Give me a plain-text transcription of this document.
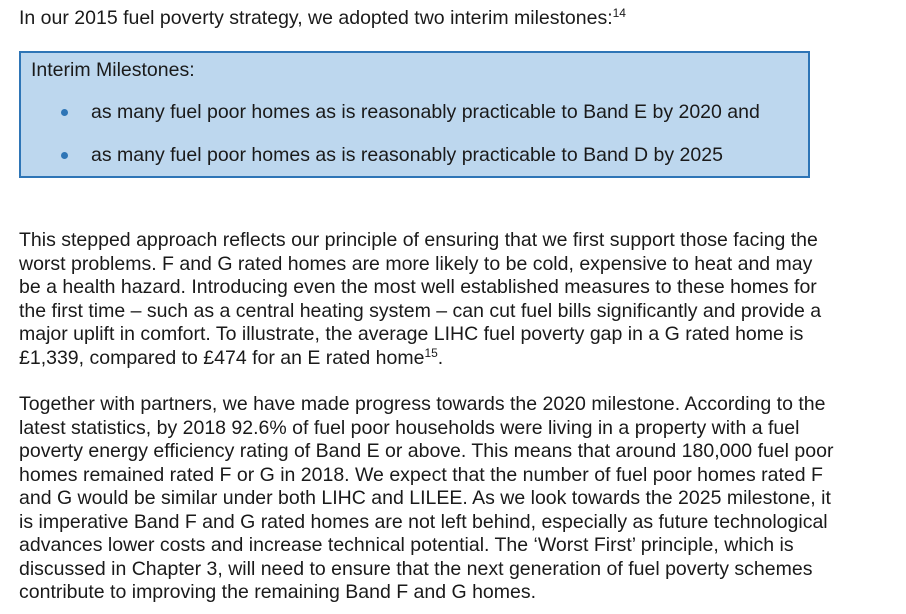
In our 2015 fuel poverty strategy, we adopted two interim milestones:$^{14}$
Interim Milestones:
as many fuel poor homes as is reasonably practicable to Band E by 2020 and
as many fuel poor homes as is reasonably practicable to Band D by 2025

This stepped approach reflects our principle of ensuring that we first support those facing the
worst problems. F and G rated homes are more likely to be cold, expensive to heat and may
be a health hazard. Introducing even the most well established measures to these homes for
the first time – such as a central heating system – can cut fuel bills significantly and provide a
major uplift in comfort. To illustrate, the average LIHC fuel poverty gap in a G rated home is
£1,339, compared to £474 for an E rated home$^{15}$.

Together with partners, we have made progress towards the 2020 milestone. According to the
latest statistics, by 2018 92.6% of fuel poor households were living in a property with a fuel
poverty energy efficiency rating of Band E or above. This means that around 180,000 fuel poor
homes remained rated F or G in 2018. We expect that the number of fuel poor homes rated F
and G would be similar under both LIHC and LILEE. As we look towards the 2025 milestone, it
is imperative Band F and G rated homes are not left behind, especially as future technological
advances lower costs and increase technical potential. The ‘Worst First’ principle, which is
discussed in Chapter 3, will need to ensure that the next generation of fuel poverty schemes
contribute to improving the remaining Band F and G homes.
